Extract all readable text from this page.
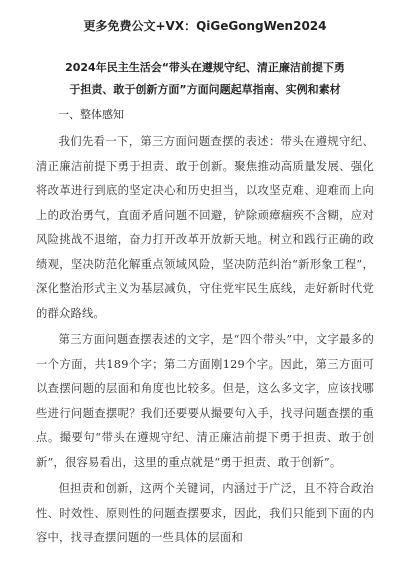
更多免费公文+VX：QiGeGongWen2024
2024年民主生活会“带头在遵规守纪、清正廉洁前提下勇
于担责、敢于创新方面”方面问题起草指南、实例和素材
一、整体感知

我们先看一下，第三方面问题查摆的表述：带头在遵规守纪、清正廉洁前提下勇于担责、敢于创新。聚焦推动高质量发展、强化将改革进行到底的坚定决心和历史担当，以攻坚克难、迎难而上向上的政治勇气，直面矛盾问题不回避，铲除顽瘴痼疾不含糊，应对风险挑战不退缩，奋力打开改革开放新天地。树立和践行正确的政绩观，坚决防范化解重点领域风险，坚决防范纠治“新形象工程”，深化整治形式主义为基层减负，守住党牢民生底线，走好新时代党的群众路线。

第三方面问题查摆表述的文字，是“四个带头”中，文字最多的一个方面，共189个字；第二方面刚129个字。因此，第三方面可以查摆问题的层面和角度也比较多。但是，这么多文字，应该找哪些进行问题查摆呢？我们还要要从撮要句入手，找寻问题查摆的重点。撮要句“带头在遵规守纪、清正廉洁前提下勇于担责、敢于创新”，很容易看出，这里的重点就是“勇于担责、敢于创新”。

但担责和创新，这两个关键词，内涵过于广泛，且不符合政治性、时效性、原则性的问题查摆要求，因此，我们只能到下面的内容中，找寻查摆问题的一些具体的层面和
